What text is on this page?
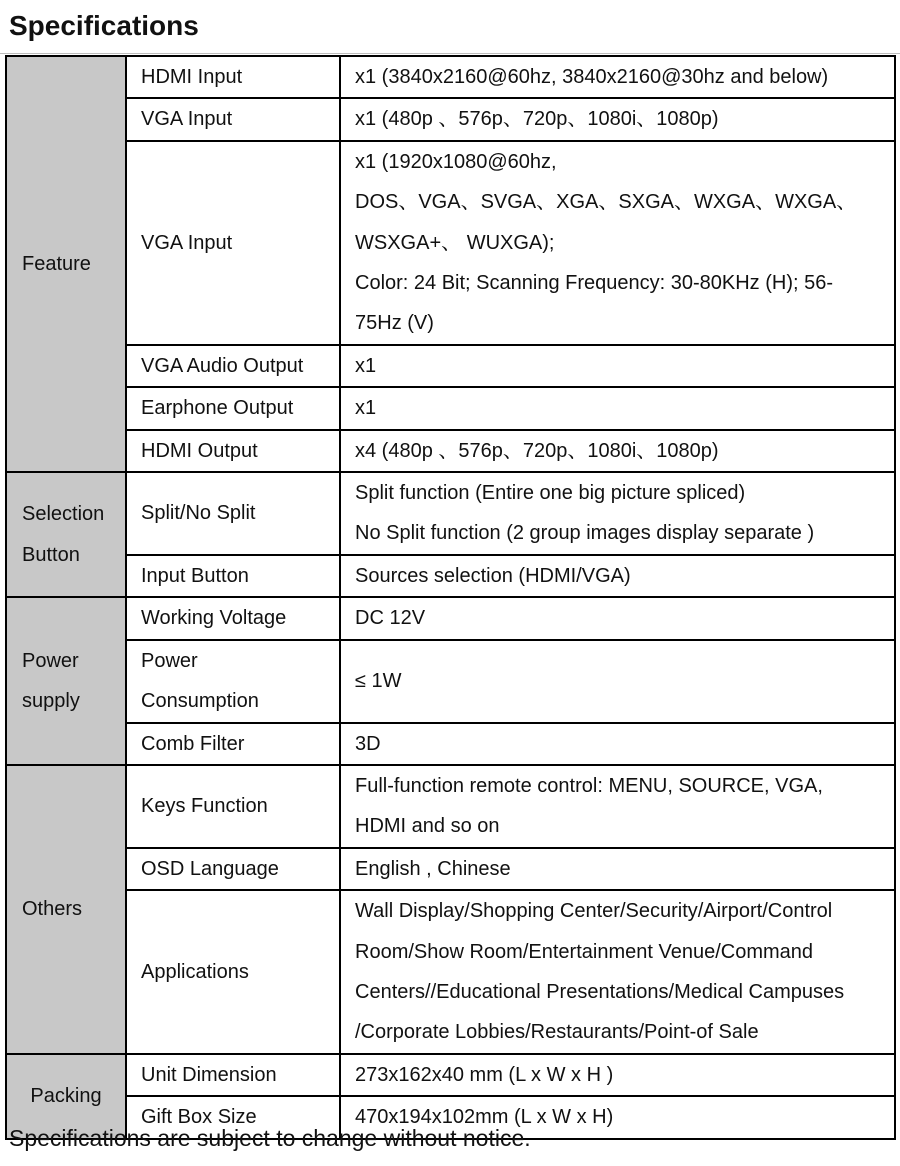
Specifications
Feature	HDMI Input	x1 (3840x2160@60hz, 3840x2160@30hz and below)
	VGA Input	x1 (480p 、576p、720p、1080i、1080p)
	VGA Input	x1 (1920x1080@60hz,
		DOS、VGA、SVGA、XGA、SXGA、WXGA、WXGA、
		WSXGA+、 WUXGA);
		Color: 24 Bit; Scanning Frequency: 30-80KHz (H); 56-
		75Hz (V)
	VGA Audio Output	x1
	Earphone Output	x1
	HDMI Output	x4 (480p 、576p、720p、1080i、1080p)

Selection
Button	Split/No Split	Split function (Entire one big picture spliced)
		No Split function (2 group images display separate )
	Input Button	Sources selection (HDMI/VGA)

Power
supply	Working Voltage	DC 12V
	Power	≤ 1W
	Consumption	
	Comb Filter	3D
Others	Keys Function	Full-function remote control: MENU, SOURCE, VGA,
		HDMI and so on
	OSD Language	English , Chinese
	Applications	Wall Display/Shopping Center/Security/Airport/Control
		Room/Show Room/Entertainment Venue/Command
		Centers//Educational Presentations/Medical Campuses
		/Corporate Lobbies/Restaurants/Point-of Sale
Packing	Unit Dimension	273x162x40 mm (L x W x H )
	Gift Box Size	470x194x102mm (L x W x H)
Specifications are subject to change without notice.
